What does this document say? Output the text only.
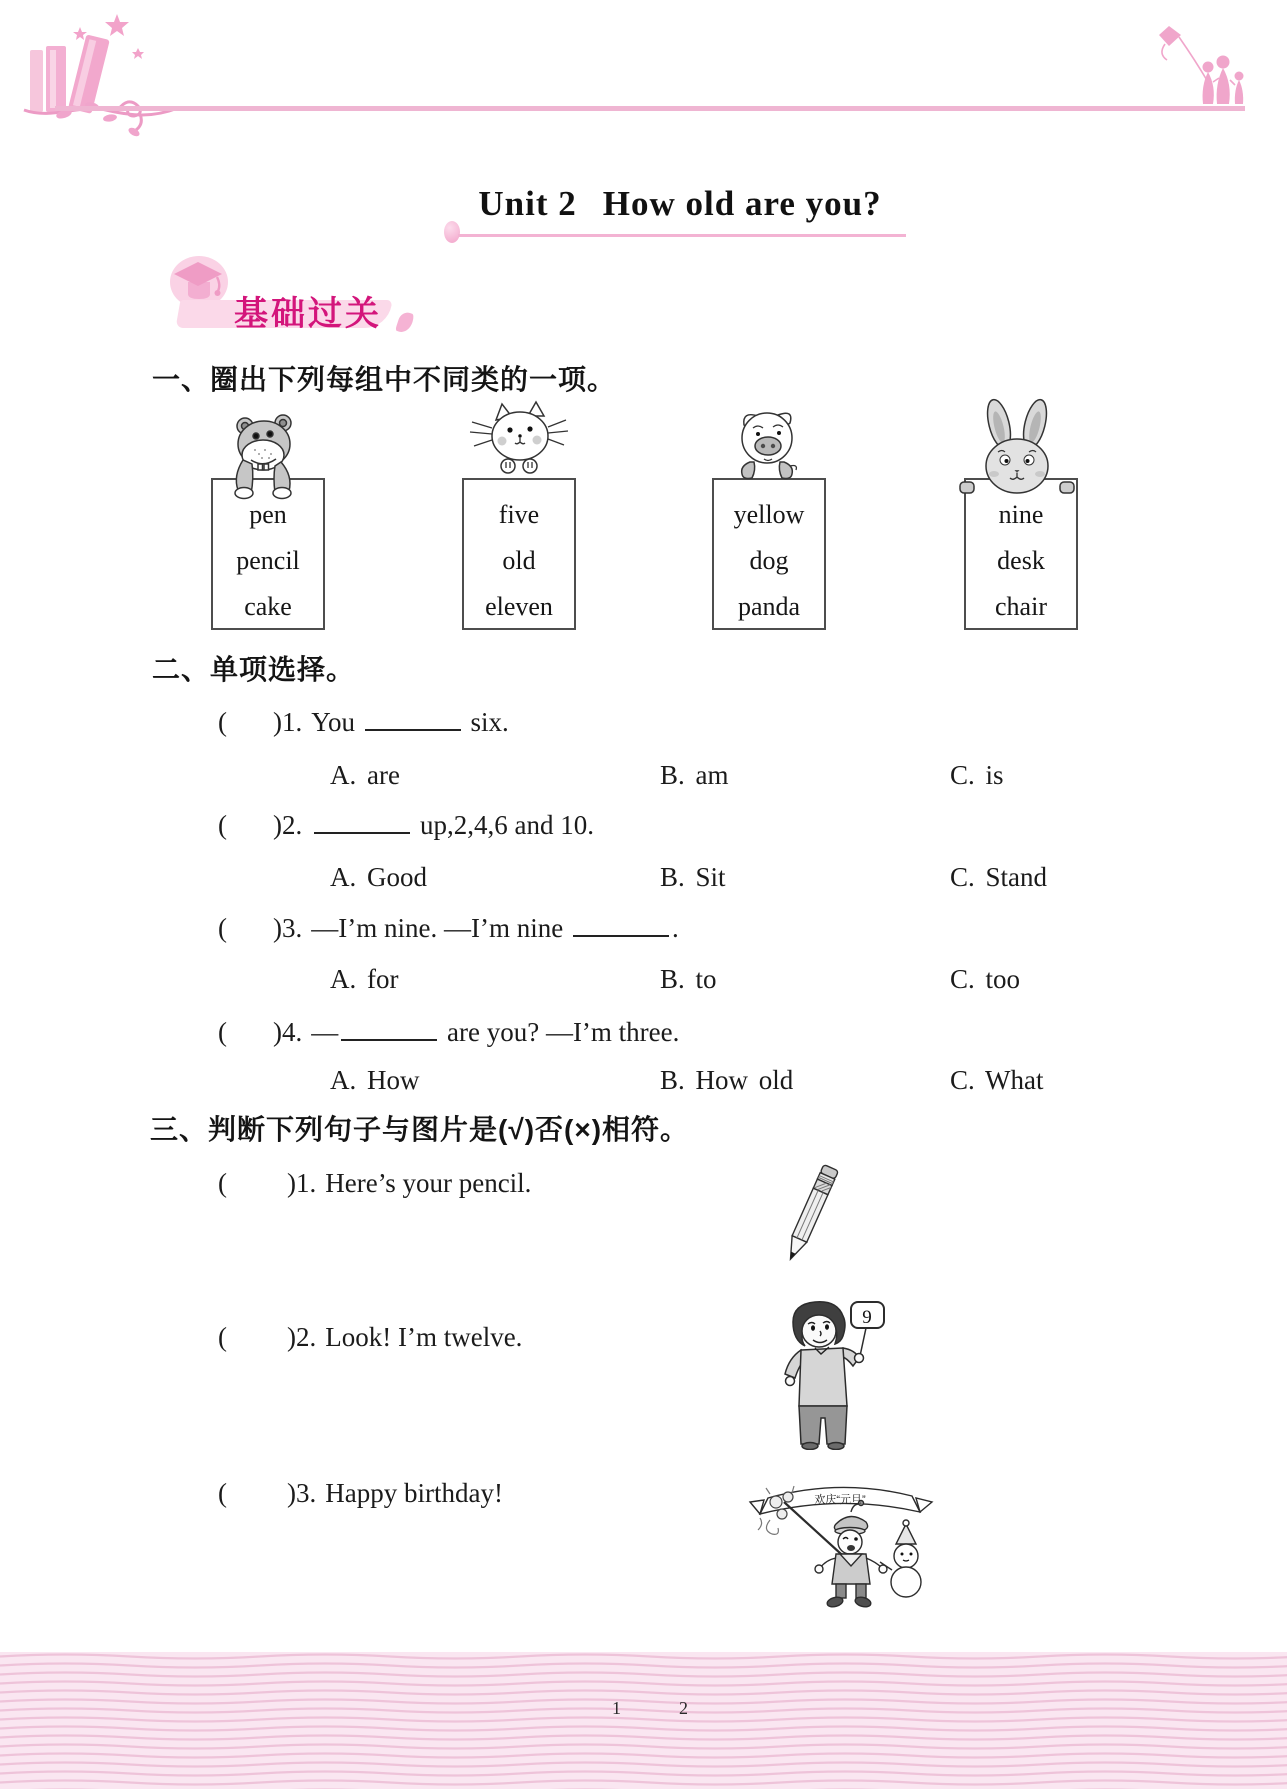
Unit 2 How old are you?
基础过关
一、圈出下列每组中不同类的一项。
pen
pencil
cake
five
old
eleven
yellow
dog
panda
nine
desk
chair
二、单项选择。
( )1. You	six.
A. are	B. am	C. is
( )2.	up,2,4,6 and 10.
A. Good	B. Sit	C. Stand
( )3. —I’m nine. —I’m nine	.
A. for	B. to	C. too
( )4. —	are you? —I’m three.
A. How	B. How old	C. What
三、判断下列句子与图片是(√)否(×)相符。
( )1. Here’s your pencil.
( )2. Look! I’m twelve.
( )3. Happy birthday!
9
欢庆“元旦”
1	2
